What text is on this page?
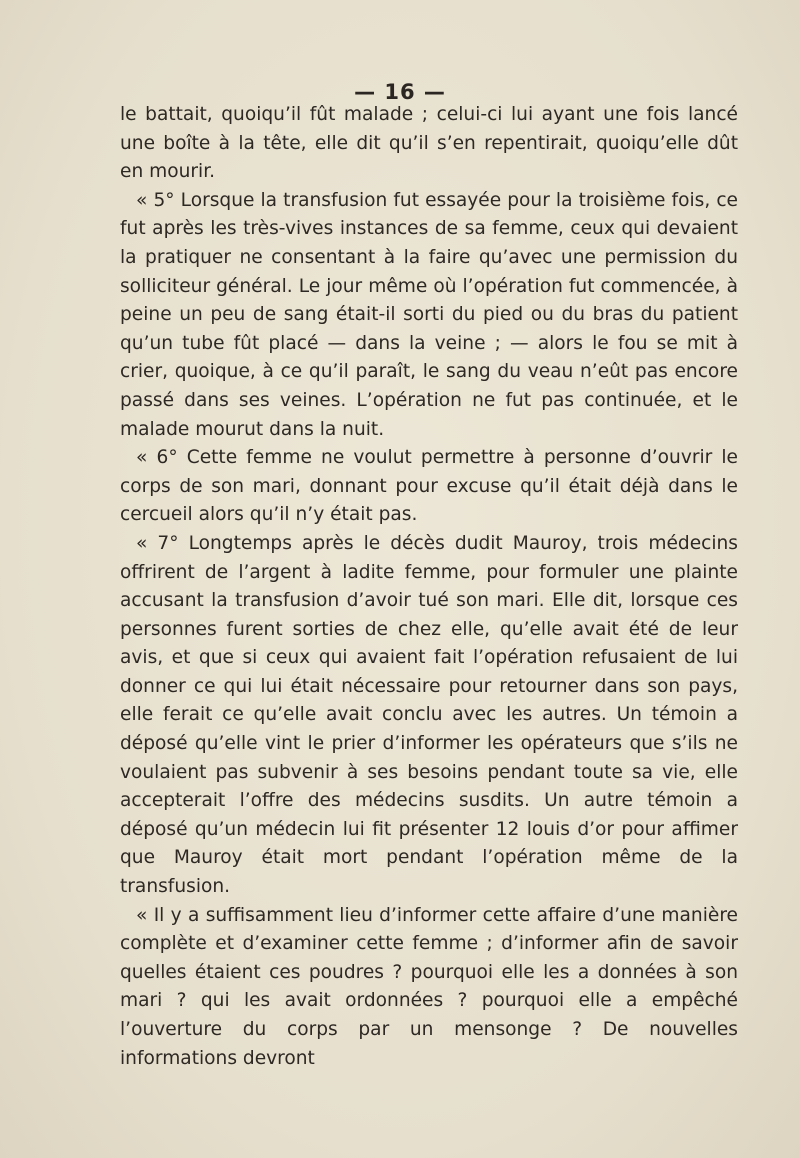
— 16 —

le battait, quoiqu’il fût malade ; celui-ci lui ayant une fois lancé une boîte à la tête, elle dit qu’il s’en repentirait, quoiqu’elle dût en mourir.

« 5° Lorsque la transfusion fut essayée pour la troisième fois, ce fut après les très-vives instances de sa femme, ceux qui devaient la pratiquer ne consentant à la faire qu’avec une permission du solliciteur général. Le jour même où l’opération fut commencée, à peine un peu de sang était-il sorti du pied ou du bras du patient qu’un tube fût placé — dans la veine ; — alors le fou se mit à crier, quoique, à ce qu’il paraît, le sang du veau n’eût pas encore passé dans ses veines. L’opération ne fut pas continuée, et le malade mourut dans la nuit.

« 6° Cette femme ne voulut permettre à personne d’ouvrir le corps de son mari, donnant pour excuse qu’il était déjà dans le cercueil alors qu’il n’y était pas.

« 7° Longtemps après le décès dudit Mauroy, trois médecins offrirent de l’argent à ladite femme, pour formuler une plainte accusant la transfusion d’avoir tué son mari. Elle dit, lorsque ces personnes furent sorties de chez elle, qu’elle avait été de leur avis, et que si ceux qui avaient fait l’opération refusaient de lui donner ce qui lui était nécessaire pour retourner dans son pays, elle ferait ce qu’elle avait conclu avec les autres. Un témoin a déposé qu’elle vint le prier d’informer les opérateurs que s’ils ne voulaient pas subvenir à ses besoins pendant toute sa vie, elle accepterait l’offre des médecins susdits. Un autre témoin a déposé qu’un médecin lui fit présenter 12 louis d’or pour affimer que Mauroy était mort pendant l’opération même de la transfusion.

« Il y a suffisamment lieu d’informer cette affaire d’une manière complète et d’examiner cette femme ; d’informer afin de savoir quelles étaient ces poudres ? pourquoi elle les a données à son mari ? qui les avait ordonnées ? pourquoi elle a empêché l’ouverture du corps par un mensonge ? De nouvelles informations devront
